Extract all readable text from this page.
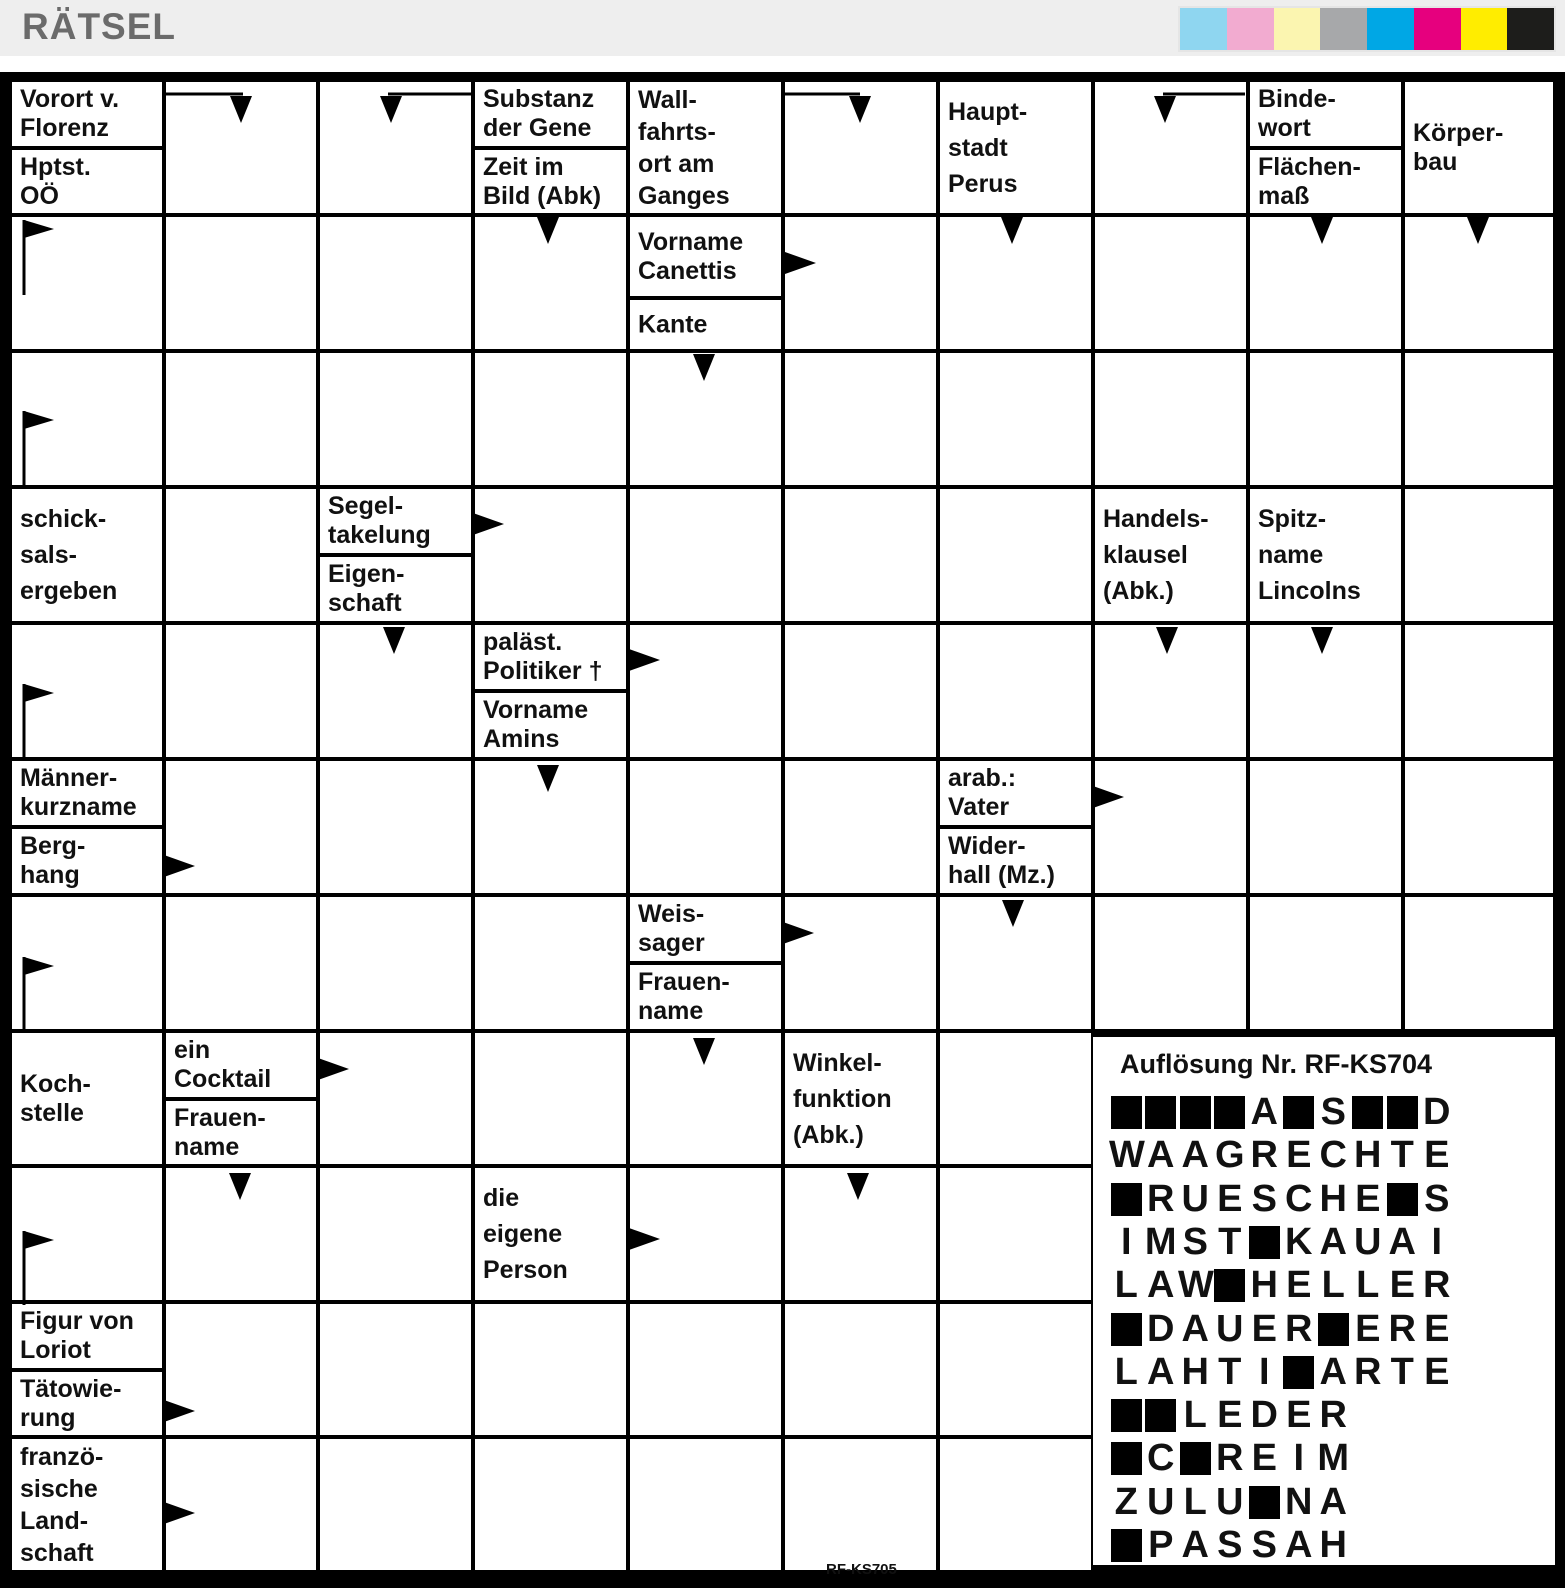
RÄTSEL
Vorort v.
Florenz
Hptst.
OÖ
Substanz
der Gene
Zeit im
Bild (Abk)
Wall-
fahrts-
ort am
Ganges
Haupt-
stadt
Perus
Binde-
wort
Flächen-
maß
Körper-
bau
Vorname
Canettis
Kante
schick-
sals-
ergeben
Segel-
takelung
Eigen-
schaft
Handels-
klausel
(Abk.)
Spitz-
name
Lincolns
paläst.
Politiker †
Vorname
Amins
Männer-
kurzname
Berg-
hang
arab.:
Vater
Wider-
hall (Mz.)
Weis-
sager
Frauen-
name
Koch-
stelle
ein
Cocktail
Frauen-
name
Winkel-
funktion
(Abk.)
die
eigene
Person
Figur von
Loriot
Tätowie-
rung
franzö-
sische
Land-
schaft
Auflösung Nr. RF-KS704
A S D
W A A G R E C H T E
R U E S C H E S
I M S T K A U A I
L A W H E L L E R
D A U E R E R E
L A H T I	A R T E
L E D E R
C R E I M
Z U L U N A
P A S S A H
RF-KS705
